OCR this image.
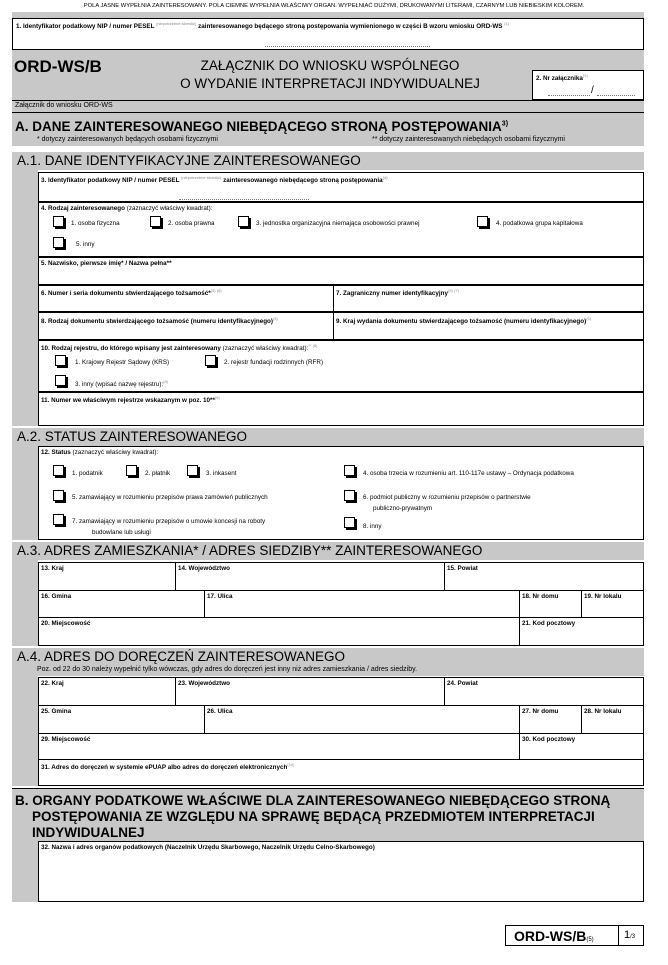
POLA JASNE WYPEŁNIA ZAINTERESOWANY. POLA CIEMNE WYPEŁNIA WŁAŚCIWY ORGAN. WYPEŁNIAĆ DUŻYMI, DRUKOWANYMI LITERAMI, CZARNYM LUB NIEBIESKIM KOLOREM.
1. Identyfikator podatkowy NIP / numer PESEL $^{(niepotrzebne skreślić)}$ zainteresowanego będącego stroną postępowania wymienionego w części B wzoru wniosku ORD-WS $^{(1)}$
ORD-WS/B	ZAŁĄCZNIK DO WNIOSKU WSPÓLNEGO
O WYDANIE INTERPRETACJI INDYWIDUALNEJ	2. Nr załącznika$^{(2)}$
/
Załącznik do wniosku ORD-WS
A. DANE ZAINTERESOWANEGO NIEBĘDĄCEGO STRONĄ POSTĘPOWANIA$^{3)}$
* dotyczy zainteresowanych będących osobami fizycznymi	** dotyczy zainteresowanych niebędących osobami fizycznymi
A.1. DANE IDENTYFIKACYJNE ZAINTERESOWANEGO
3. Identyfikator podatkowy NIP / numer PESEL $^{(niepotrzebne skreślić)}$ zainteresowanego niebędącego stroną postępowania$^{(4)}$
4. Rodzaj zainteresowanego (zaznaczyć właściwy kwadrat):
1. osoba fizyczna	2. osoba prawna	3. jednostka organizacyjna niemająca osobowości prawnej	4. podatkowa grupa kapitałowa
5. inny
5. Nazwisko, pierwsze imię* / Nazwa pełna**
6. Numer i seria dokumentu stwierdzającego tożsamość*$^{(5) (6)}$	7. Zagraniczny numer identyfikacyjny$^{(5) (7)}$
8. Rodzaj dokumentu stwierdzającego tożsamość (numeru identyfikacyjnego)$^{(5)}$	9. Kraj wydania dokumentu stwierdzającego tożsamość (numeru identyfikacyjnego)$^{(5)}$
10. Rodzaj rejestru, do którego wpisany jest zainteresowany (zaznaczyć właściwy kwadrat):$^{** (8)}$
1. Krajowy Rejestr Sądowy (KRS)	2. rejestr fundacji rodzinnych (RFR)
3. inny (wpisać nazwę rejestru):$^{(9)}$
11. Numer we właściwym rejestrze wskazanym w poz. 10**$^{(8)}$
A.2. STATUS ZAINTERESOWANEGO
12. Status (zaznaczyć właściwy kwadrat):
1. podatnik	2. płatnik	3. inkasent	4. osoba trzecia w rozumieniu art. 110-117e ustawy – Ordynacja podatkowa
5. zamawiający w rozumieniu przepisów prawa zamówień publicznych	6. podmiot publiczny w rozumieniu przepisów o partnerstwie
publiczno-prywatnym
7. zamawiający w rozumieniu przepisów o umowie koncesji na roboty
budowlane lub usługi
8. inny
A.3. ADRES ZAMIESZKANIA* / ADRES SIEDZIBY** ZAINTERESOWANEGO
13. Kraj	14. Województwo	15. Powiat
16. Gmina	17. Ulica	18. Nr domu	19. Nr lokalu
20. Miejscowość	21. Kod pocztowy
A.4. ADRES DO DORĘCZEŃ ZAINTERESOWANEGO
Poz. od 22 do 30 należy wypełnić tylko wówczas, gdy adres do doręczeń jest inny niż adres zamieszkania / adres siedziby.
22. Kraj	23. Województwo	24. Powiat
25. Gmina	26. Ulica	27. Nr domu	28. Nr lokalu
29. Miejscowość	30. Kod pocztowy
31. Adres do doręczeń w systemie ePUAP albo adres do doręczeń elektronicznych$^{(10)}$
B. ORGANY PODATKOWE WŁAŚCIWE DLA ZAINTERESOWANEGO NIEBĘDĄCEGO STRONĄ
POSTĘPOWANIA ZE WZGLĘDU NA SPRAWĘ BĘDĄCĄ PRZEDMIOTEM INTERPRETACJI
INDYWIDUALNEJ
32. Nazwa i adres organów podatkowych (Naczelnik Urzędu Skarbowego, Naczelnik Urzędu Celno-Skarbowego)
ORD-WS/B(5)	1/3
